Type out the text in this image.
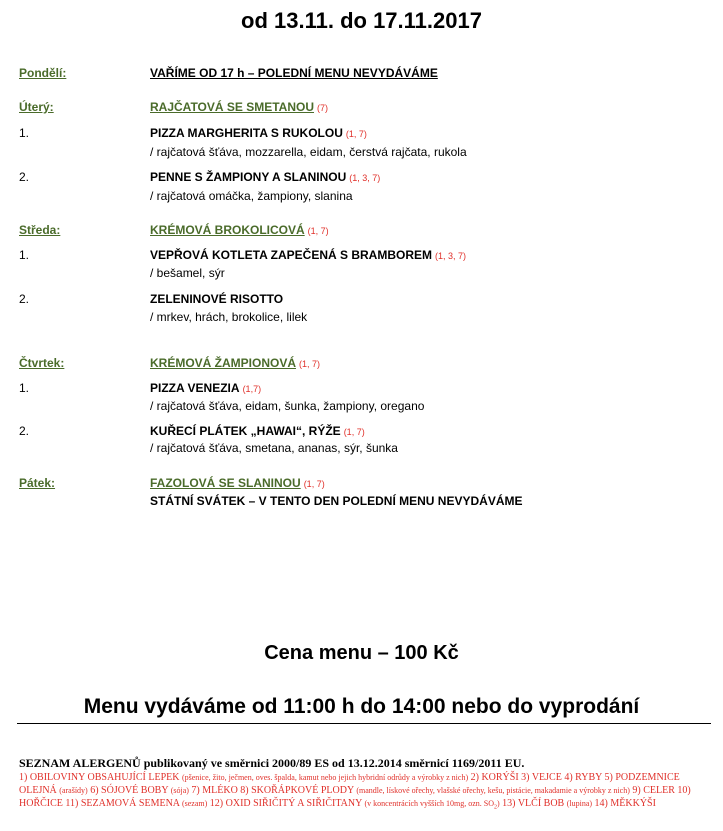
od 13.11. do 17.11.2017
Pondělí:	VAŘÍME OD 17 h – POLEDNÍ MENU NEVYDÁVÁME
Úterý:	RAJČATOVÁ SE SMETANOU (7)
1.	PIZZA MARGHERITA S RUKOLOU (1, 7)
/ rajčatová šťáva, mozzarella, eidam, čerstvá rajčata, rukola
2.	PENNE S ŽAMPIONY A SLANINOU (1, 3, 7)
/ rajčatová omáčka, žampiony, slanina
Středa:	KRÉMOVÁ BROKOLICOVÁ (1, 7)
1.	VEPŘOVÁ KOTLETA ZAPEČENÁ S BRAMBOREM (1, 3, 7)
/ bešamel, sýr
2.	ZELENINOVÉ RISOTTO
/ mrkev, hrách, brokolice, lilek
Čtvrtek:	KRÉMOVÁ ŽAMPIONOVÁ (1, 7)
1.	PIZZA VENEZIA (1,7)
/ rajčatová šťáva, eidam, šunka, žampiony, oregano
2.	KUŘECÍ PLÁTEK „HAWAI“, RÝŽE (1, 7)
/ rajčatová šťáva, smetana, ananas, sýr, šunka
Pátek:	FAZOLOVÁ SE SLANINOU (1, 7)
STÁTNÍ SVÁTEK – V TENTO DEN POLEDNÍ MENU NEVYDÁVÁME
Cena menu – 100 Kč
Menu vydáváme od 11:00 h do 14:00 nebo do vyprodání
SEZNAM ALERGENŮ publikovaný ve směrnici 2000/89 ES od 13.12.2014 směrnicí 1169/2011 EU.
1) OBILOVINY OBSAHUJÍCÍ LEPEK (pšenice, žito, ječmen, oves. špalda, kamut nebo jejich hybridní odrůdy a výrobky z nich) 2) KORÝŠI 3) VEJCE 4) RYBY 5) PODZEMNICE OLEJNÁ (arašídy) 6) SÓJOVÉ BOBY (sója) 7) MLÉKO 8) SKOŘÁPKOVÉ PLODY (mandle, lískové ořechy, vlašské ořechy, kešu, pistácie, makadamie a výrobky z nich) 9) CELER 10) HOŘČICE 11) SEZAMOVÁ SEMENA (sezam) 12) OXID SIŘIČITÝ A SIŘIČITANY (v koncentrácích vyšších 10mg, ozn. $SO_2$) 13) VLČÍ BOB (lupina) 14) MĚKKÝŠI
